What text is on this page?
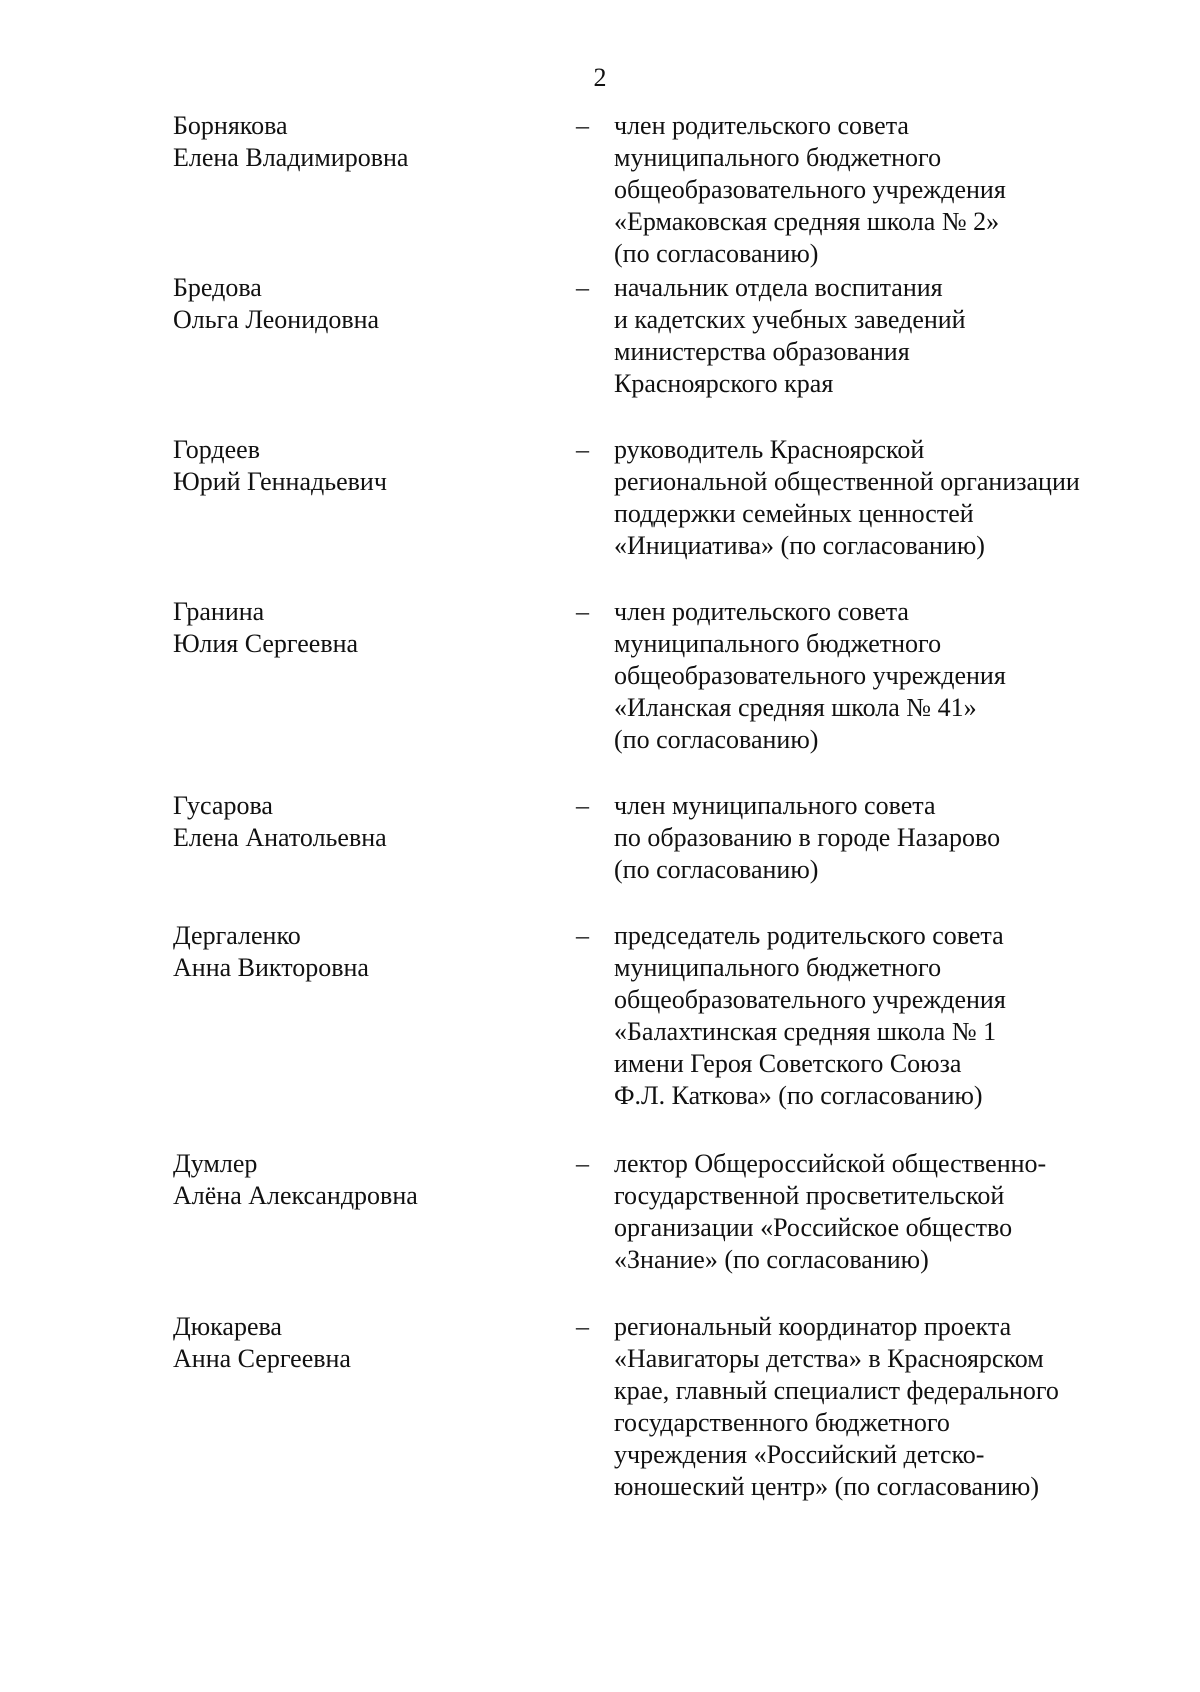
2
Борнякова
Елена Владимировна
– член родительского совета
муниципального бюджетного
общеобразовательного учреждения
«Ермаковская средняя школа № 2»
(по согласованию)
Бредова
Ольга Леонидовна
– начальник отдела воспитания
и кадетских учебных заведений
министерства образования
Красноярского края
Гордеев
Юрий Геннадьевич
– руководитель Красноярской
региональной общественной организации
поддержки семейных ценностей
«Инициатива» (по согласованию)
Гранина
Юлия Сергеевна
– член родительского совета
муниципального бюджетного
общеобразовательного учреждения
«Иланская средняя школа № 41»
(по согласованию)
Гусарова
Елена Анатольевна
– член муниципального совета
по образованию в городе Назарово
(по согласованию)
Дергаленко
Анна Викторовна
– председатель родительского совета
муниципального бюджетного
общеобразовательного учреждения
«Балахтинская средняя школа № 1
имени Героя Советского Союза
Ф.Л. Каткова» (по согласованию)
Думлер
Алёна Александровна
– лектор Общероссийской общественно-
государственной просветительской
организации «Российское общество
«Знание» (по согласованию)
Дюкарева
Анна Сергеевна
– региональный координатор проекта
«Навигаторы детства» в Красноярском
крае, главный специалист федерального
государственного бюджетного
учреждения «Российский детско-
юношеский центр» (по согласованию)
